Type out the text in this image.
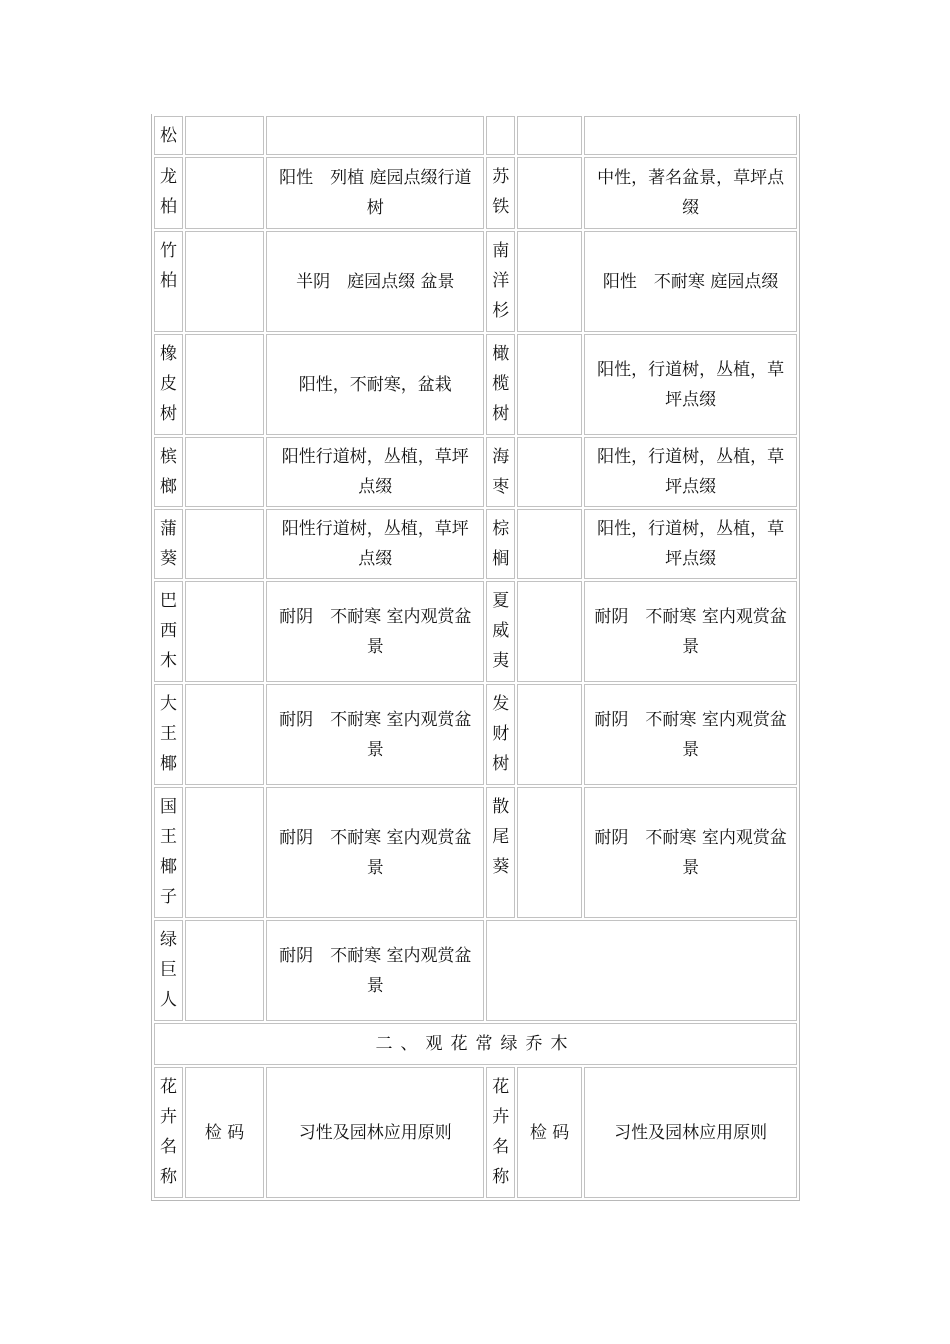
松					

龙柏		阳性　列植 庭园点缀行道树	苏铁		中性，著名盆景，草坪点缀

竹柏		半阴　庭园点缀 盆景	南洋杉		阳性　不耐寒 庭园点缀

橡皮树		阳性，不耐寒，盆栽	橄榄树		阳性，行道树，丛植，草坪点缀

槟榔		阳性行道树，丛植，草坪点缀	海枣		阳性，行道树，丛植，草坪点缀

蒲葵		阳性行道树，丛植，草坪点缀	棕榈		阳性，行道树，丛植，草坪点缀

巴西木		耐阴　不耐寒 室内观赏盆景	夏威夷		耐阴　不耐寒 室内观赏盆景

大王椰		耐阴　不耐寒 室内观赏盆景	发财树		耐阴　不耐寒 室内观赏盆景

国王椰子		耐阴　不耐寒 室内观赏盆景	散尾葵		耐阴　不耐寒 室内观赏盆景

绿巨人		耐阴　不耐寒 室内观赏盆景			
二、观花常绿乔木					

花卉名称	检 码	习性及园林应用原则	花卉名称	检 码	习性及园林应用原则
